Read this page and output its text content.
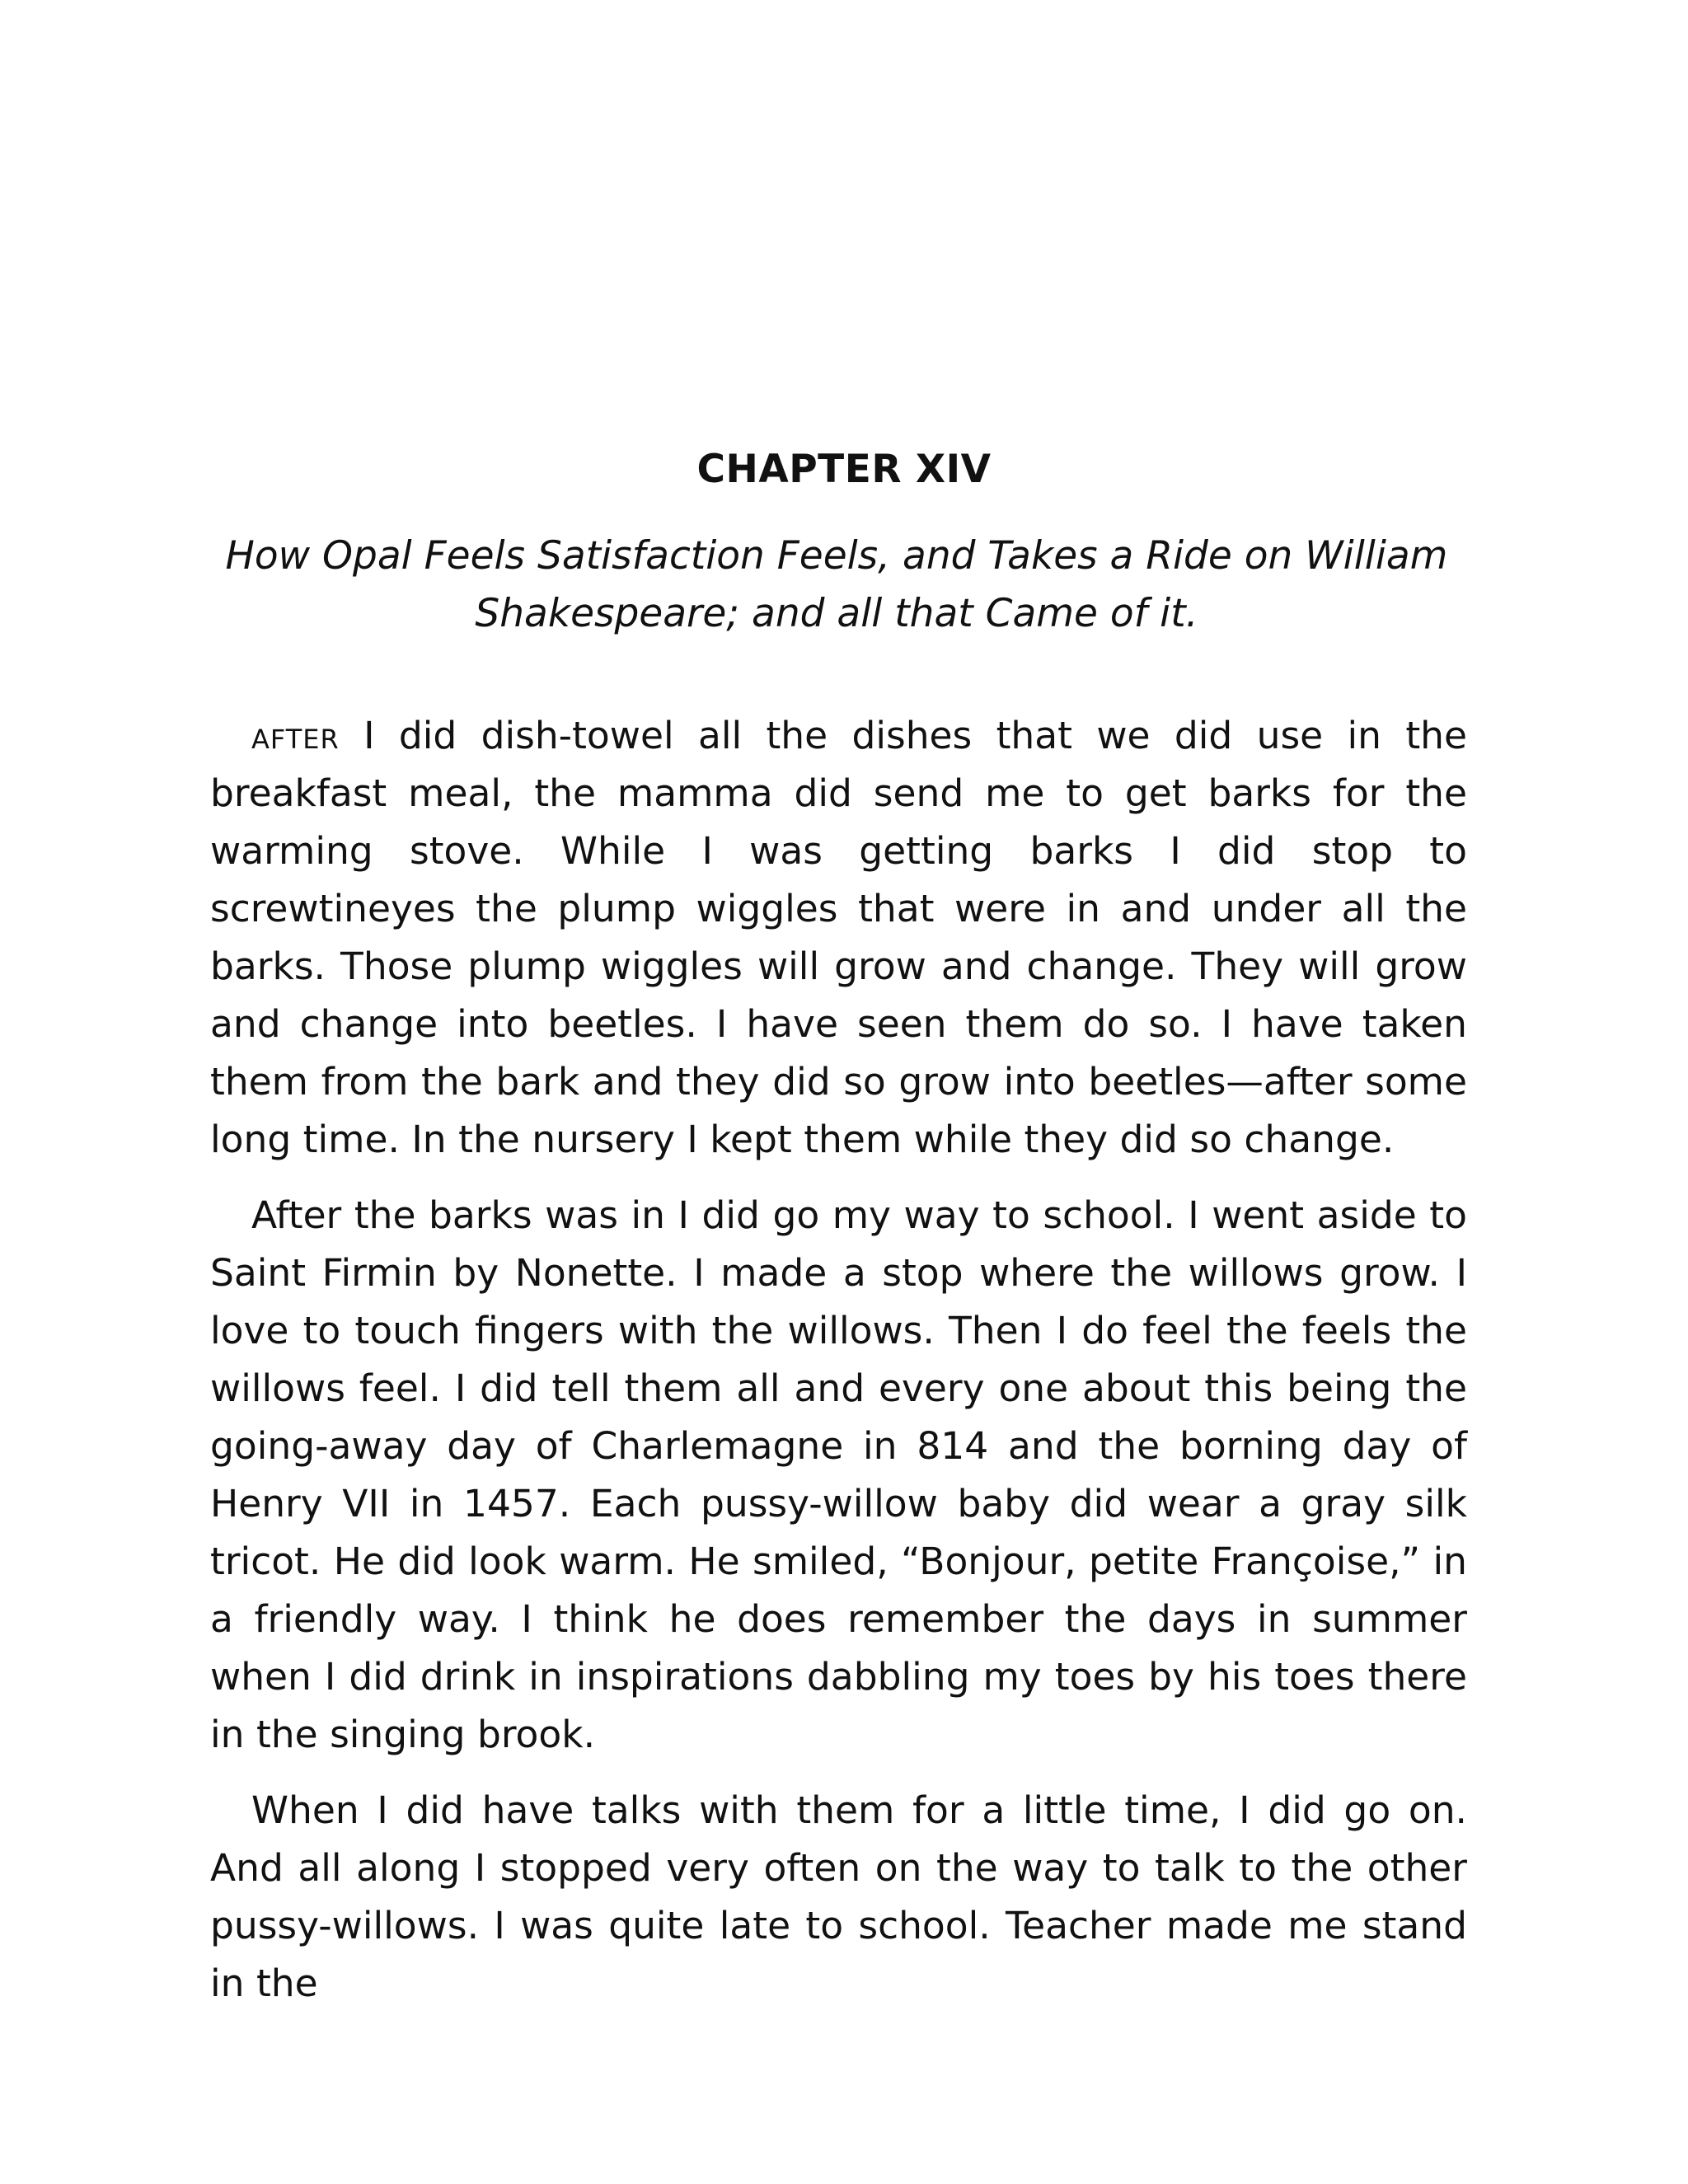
CHAPTER XIV
How Opal Feels Satisfaction Feels, and Takes a Ride on William Shakespeare; and all that Came of it.

after I did dish-towel all the dishes that we did use in the breakfast meal, the mamma did send me to get barks for the warming stove. While I was getting barks I did stop to screwtineyes the plump wiggles that were in and under all the barks. Those plump wiggles will grow and change. They will grow and change into beetles. I have seen them do so. I have taken them from the bark and they did so grow into beetles—after some long time. In the nursery I kept them while they did so change.

After the barks was in I did go my way to school. I went aside to Saint Firmin by Nonette. I made a stop where the willows grow. I love to touch fingers with the willows. Then I do feel the feels the willows feel. I did tell them all and every one about this being the going-away day of Charlemagne in 814 and the borning day of Henry VII in 1457. Each pussy-willow baby did wear a gray silk tricot. He did look warm. He smiled, “Bonjour, petite Françoise,” in a friendly way. I think he does remember the days in summer when I did drink in inspirations dabbling my toes by his toes there in the singing brook.

When I did have talks with them for a little time, I did go on. And all along I stopped very often on the way to talk to the other pussy-willows. I was quite late to school. Teacher made me stand in the
